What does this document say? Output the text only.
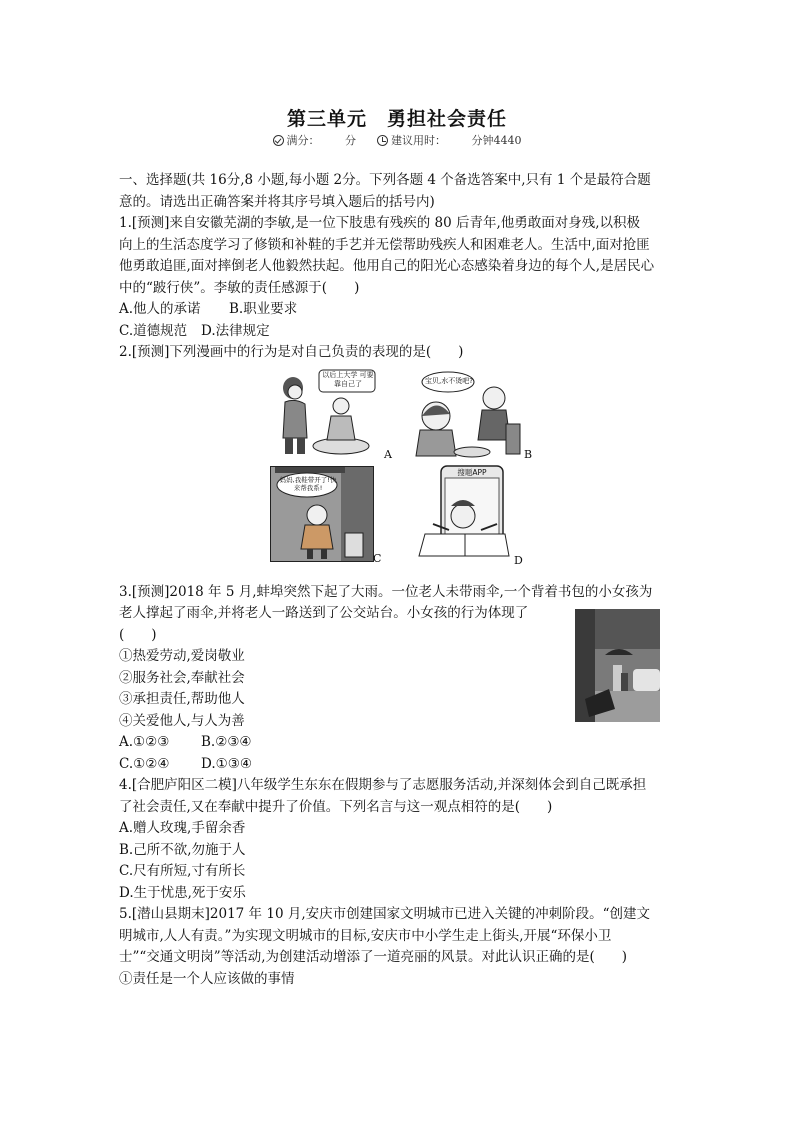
第三单元　勇担社会责任
满分： 分	建议用时： 分钟4440

一、选择题(共 16分,8 小题,每小题 2分。下列各题 4 个备选答案中,只有 1 个是最符合题

意的。请选出正确答案并将其序号填入题后的括号内)

1.[预测]来自安徽芜湖的李敏,是一位下肢患有残疾的 80 后青年,他勇敢面对身残,以积极

向上的生活态度学习了修锁和补鞋的手艺并无偿帮助残疾人和困难老人。生活中,面对抢匪

他勇敢追匪,面对摔倒老人他毅然扶起。他用自己的阳光心态感染着身边的每个人,是居民心

中的“跛行侠”。李敏的责任感源于(　　)

A.他人的承诺 B.职业要求

C.道德规范 D.法律规定

2.[预测]下列漫画中的行为是对自己负责的表现的是(　　)

以后上大学 可要靠自己了
A
宝贝,水不烫吧?
B
妈妈,我鞋带开了!快来帮我系!
C
搜题APP
D

3.[预测]2018 年 5 月,蚌埠突然下起了大雨。一位老人未带雨伞,一个背着书包的小女孩为

老人撑起了雨伞,并将老人一路送到了公交站台。小女孩的行为体现了

(　　)

①热爱劳动,爱岗敬业

②服务社会,奉献社会

③承担责任,帮助他人

④关爱他人,与人为善

A.①②③ B.②③④

C.①②④ D.①③④

4.[合肥庐阳区二模]八年级学生东东在假期参与了志愿服务活动,并深刻体会到自己既承担

了社会责任,又在奉献中提升了价值。下列名言与这一观点相符的是(　　)

A.赠人玫瑰,手留余香

B.己所不欲,勿施于人

C.尺有所短,寸有所长

D.生于忧患,死于安乐

5.[潜山县期末]2017 年 10 月,安庆市创建国家文明城市已进入关键的冲刺阶段。“创建文

明城市,人人有责。”为实现文明城市的目标,安庆市中小学生走上街头,开展“环保小卫

士”“交通文明岗”等活动,为创建活动增添了一道亮丽的风景。对此认识正确的是(　　)

①责任是一个人应该做的事情
